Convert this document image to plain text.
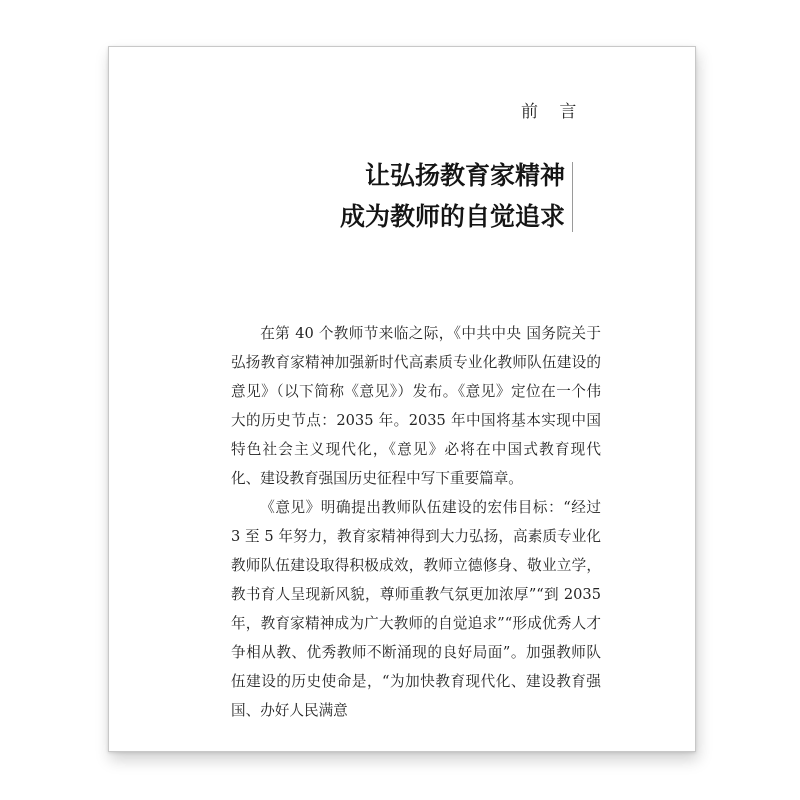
前 言
让弘扬教育家精神
成为教师的自觉追求

在第 40 个教师节来临之际，《中共中央 国务院关于弘扬教育家精神加强新时代高素质专业化教师队伍建设的意见》（以下简称《意见》）发布。《意见》定位在一个伟大的历史节点：2035 年。2035 年中国将基本实现中国特色社会主义现代化，《意见》必将在中国式教育现代化、建设教育强国历史征程中写下重要篇章。

《意见》明确提出教师队伍建设的宏伟目标：“经过 3 至 5 年努力，教育家精神得到大力弘扬，高素质专业化教师队伍建设取得积极成效，教师立德修身、敬业立学，教书育人呈现新风貌，尊师重教气氛更加浓厚”“到 2035 年，教育家精神成为广大教师的自觉追求”“形成优秀人才争相从教、优秀教师不断涌现的良好局面”。加强教师队伍建设的历史使命是，“为加快教育现代化、建设教育强国、办好人民满意
